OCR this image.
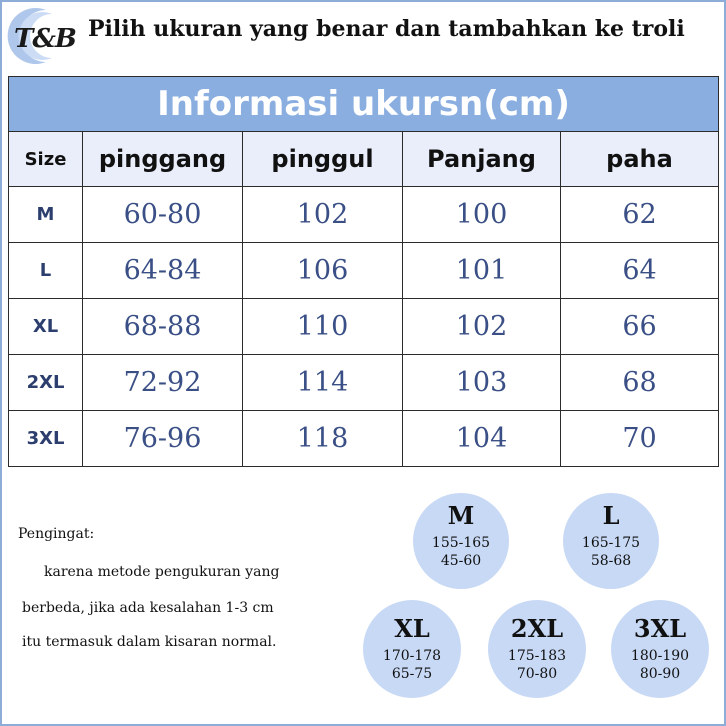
T&B Pilih ukuran yang benar dan tambahkan ke troli
Informasi ukursn(cm)				
Size	pinggang	pinggul	Panjang	paha
M	60-80	102	100	62
L	64-84	106	101	64
XL	68-88	110	102	66
2XL	72-92	114	103	68
3XL	76-96	118	104	70
Pengingat:
karena metode pengukuran yang
berbeda, jika ada kesalahan 1-3 cm
itu termasuk dalam kisaran normal.
M
155-165
45-60
L
165-175
58-68
XL
170-178
65-75
2XL
175-183
70-80
3XL
180-190
80-90
